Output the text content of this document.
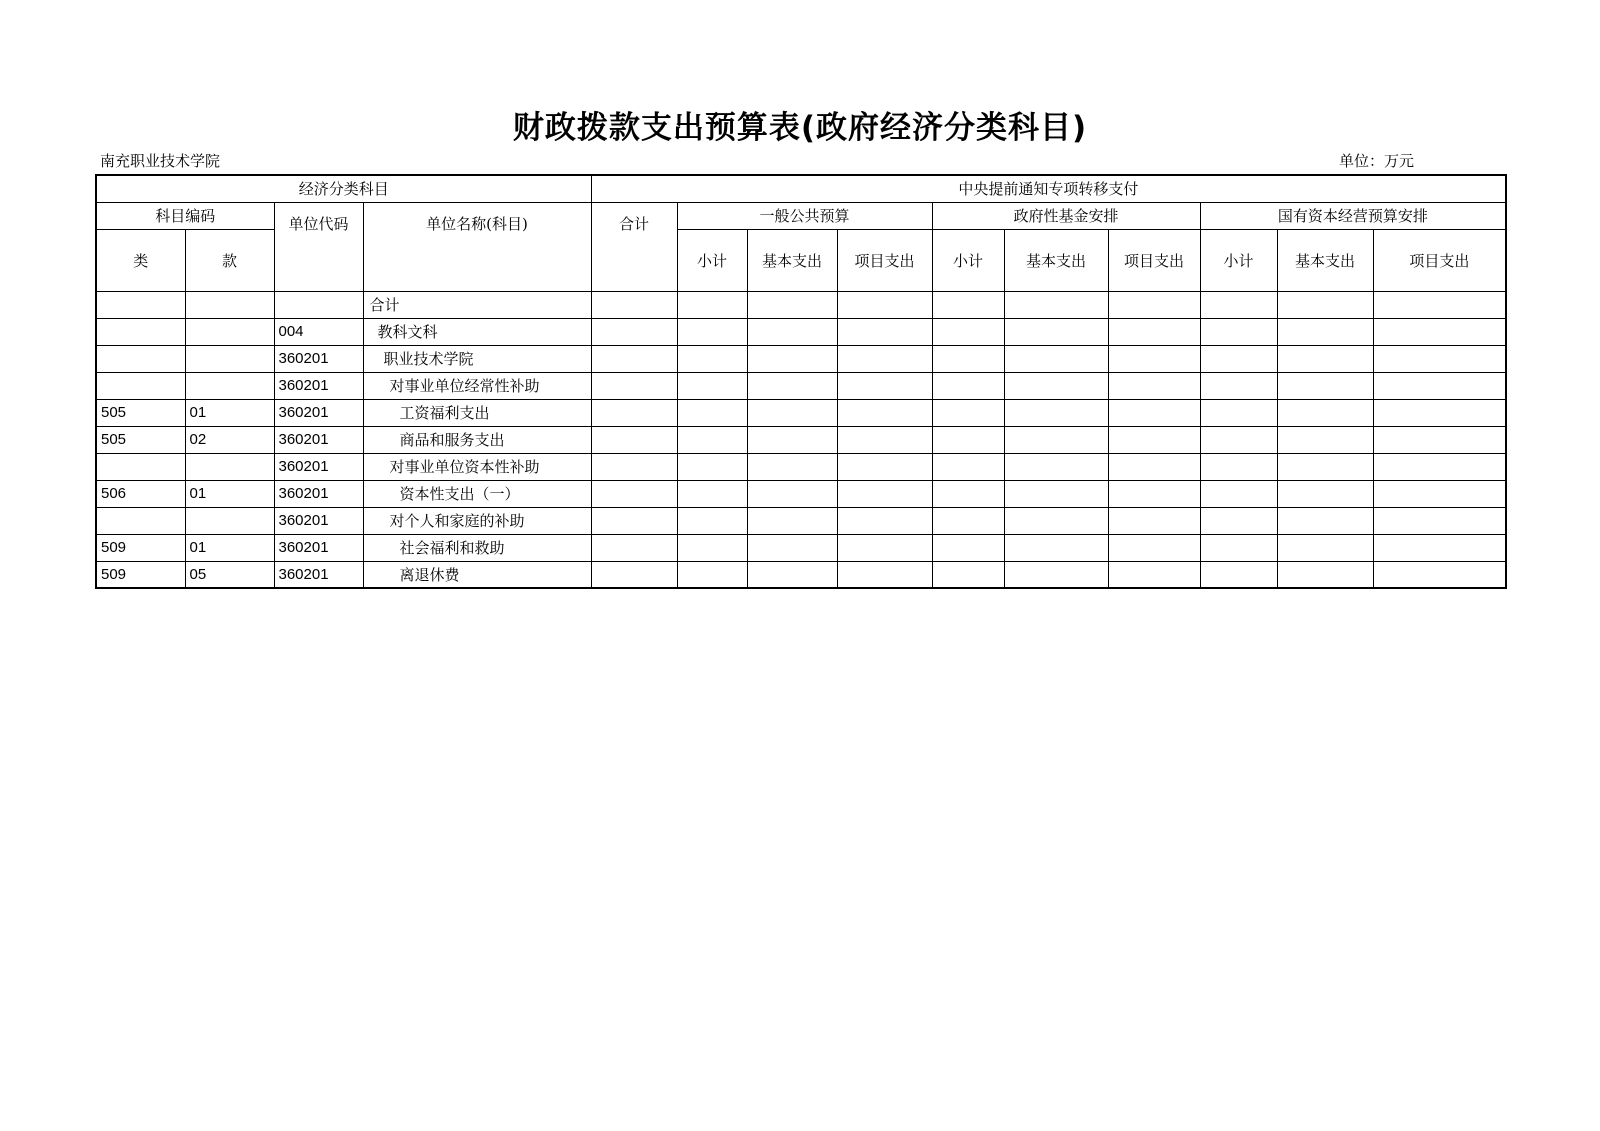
财政拨款支出预算表(政府经济分类科目)
南充职业技术学院	单位：万元
经济分类科目				中央提前通知专项转移支付									
科目编码		单位代码	单位名称(科目)	合计	一般公共预算			政府性基金安排			国有资本经营预算安排		
类	款				小计	基本支出	项目支出	小计	基本支出	项目支出	小计	基本支出	项目支出
			合计										
		004	教科文科										
		360201	职业技术学院										
		360201	对事业单位经常性补助										
505	01	360201	工资福利支出										
505	02	360201	商品和服务支出										
		360201	对事业单位资本性补助										
506	01	360201	资本性支出（一）										
		360201	对个人和家庭的补助										
509	01	360201	社会福利和救助										
509	05	360201	离退休费										
